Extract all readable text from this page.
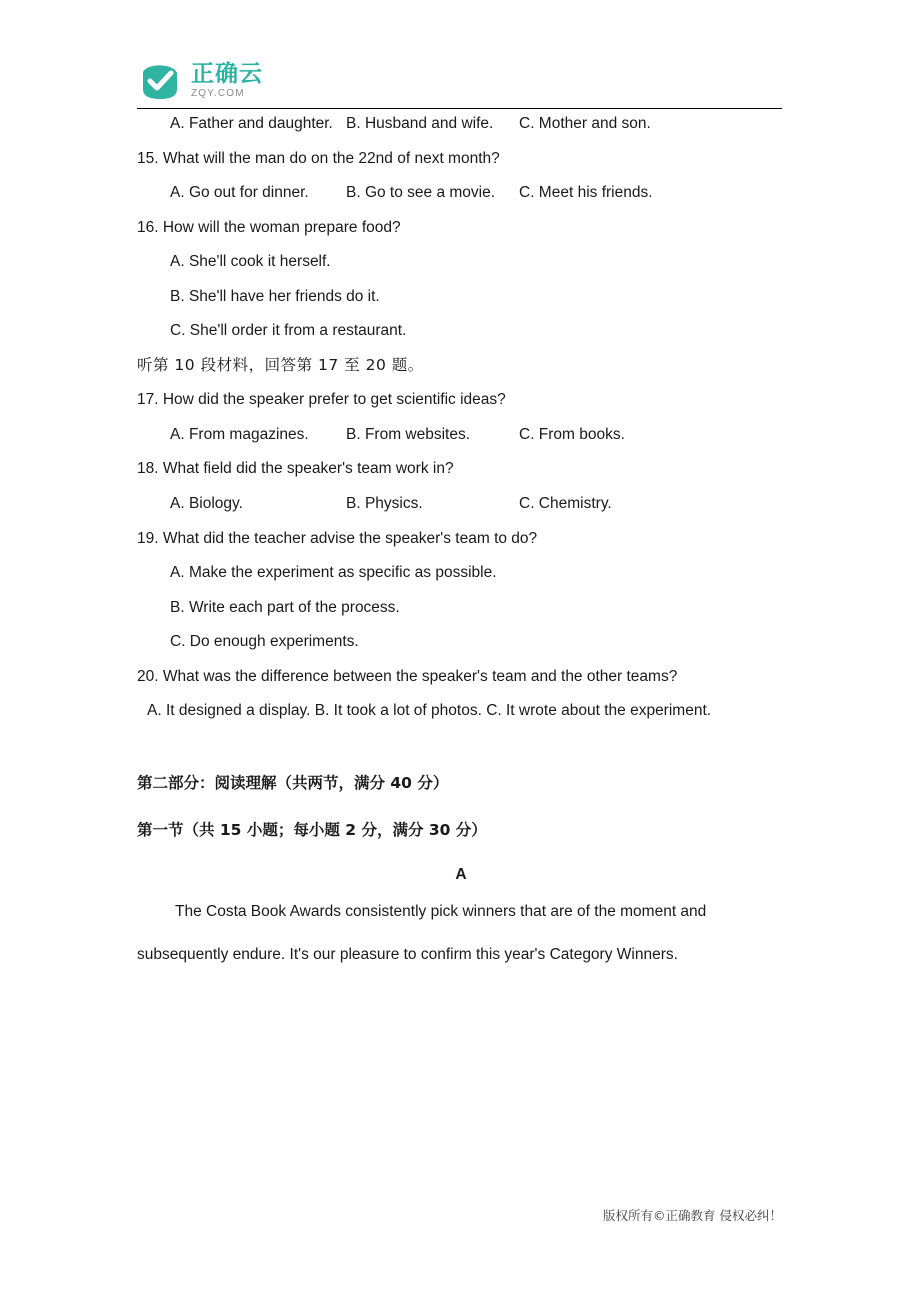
正确云
ZQY.COM

A. Father and daughter. B. Husband and wife. C. Mother and son.

15. What will the man do on the 22nd of next month?

A. Go out for dinner. B. Go to see a movie. C. Meet his friends.

16. How will the woman prepare food?

A. She'll cook it herself.

B. She'll have her friends do it.

C. She'll order it from a restaurant.

听第 10 段材料，回答第 17 至 20 题。

17. How did the speaker prefer to get scientific ideas?

A. From magazines. B. From websites.	C. From books.

18. What field did the speaker's team work in?

A. Biology.	B. Physics.	C. Chemistry.

19. What did the teacher advise the speaker's team to do?

A. Make the experiment as specific as possible.

B. Write each part of the process.

C. Do enough experiments.

20. What was the difference between the speaker's team and the other teams?

A. It designed a display. B. It took a lot of photos. C. It wrote about the experiment.

第二部分：阅读理解（共两节，满分 40 分）

第一节（共 15 小题；每小题 2 分，满分 30 分）

A

The Costa Book Awards consistently pick winners that are of the moment and

subsequently endure. It's our pleasure to confirm this year's Category Winners.

版权所有©正确教育 侵权必纠！
